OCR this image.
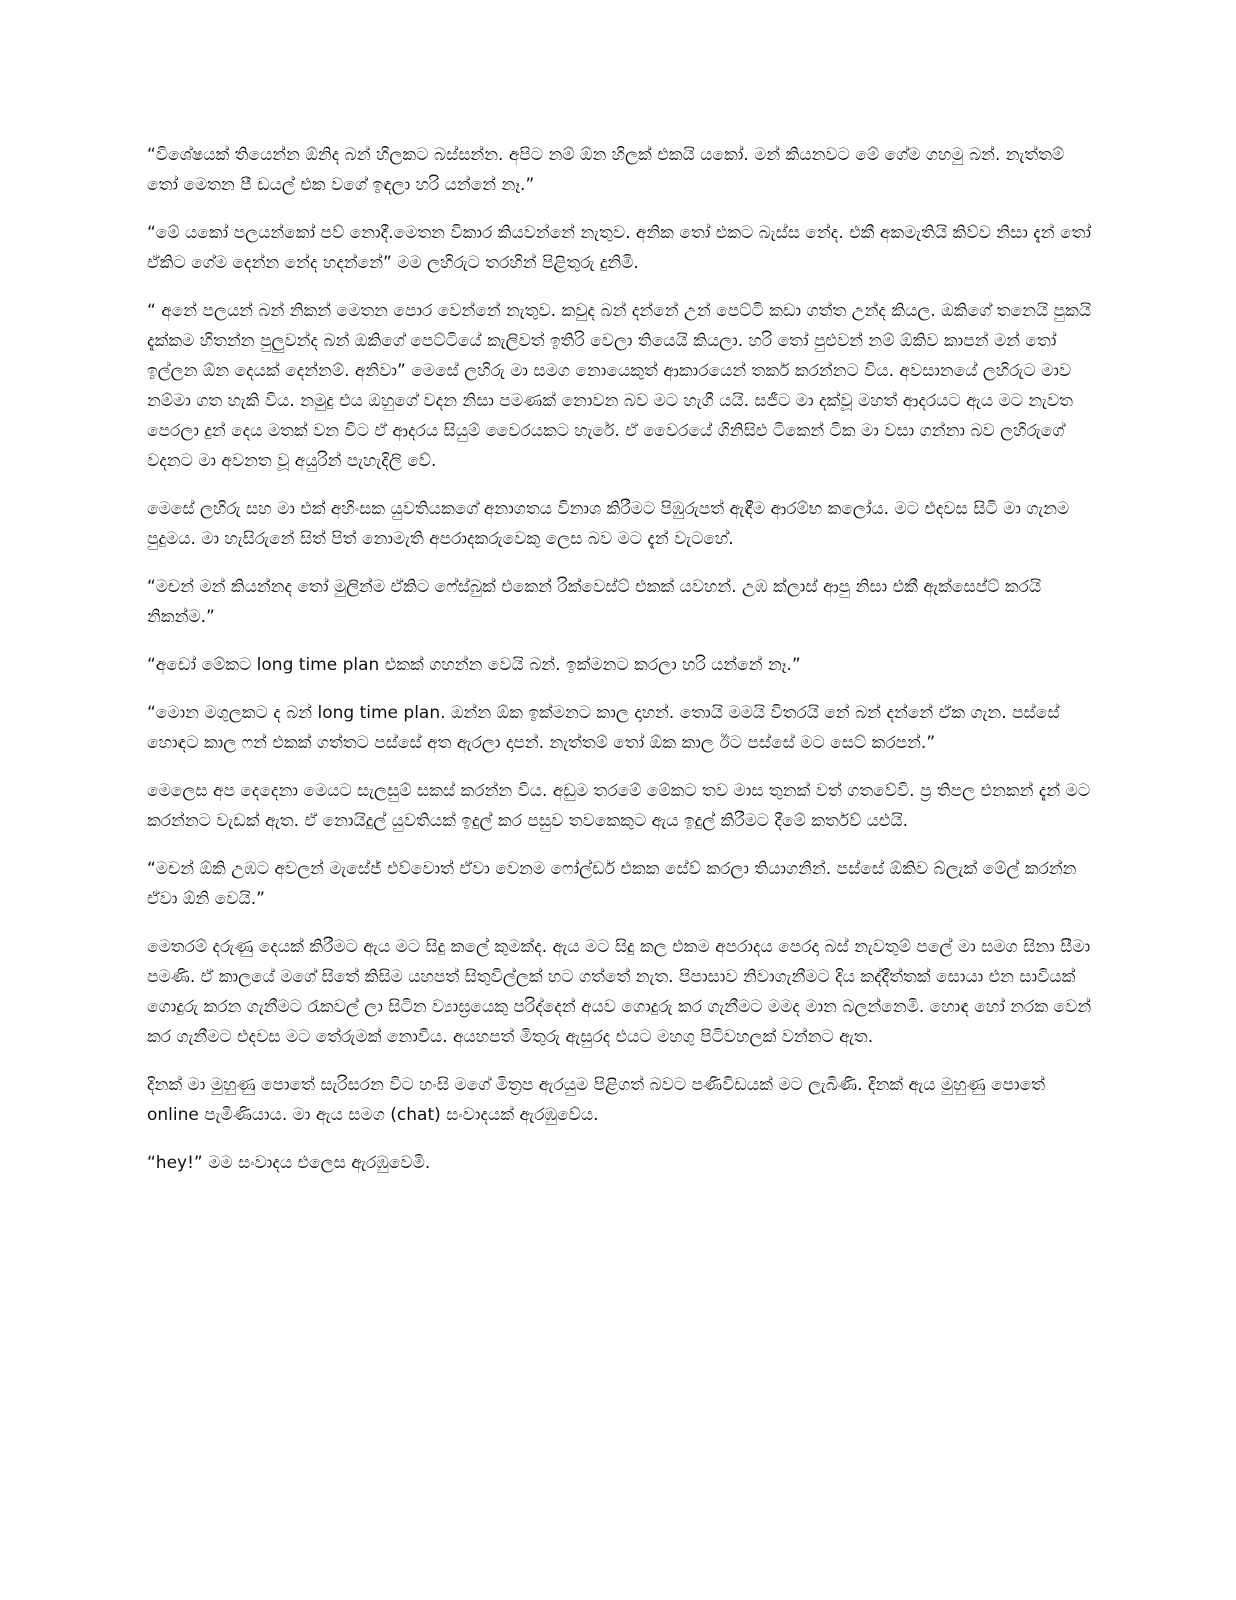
“විශේෂයක් තියෙන්න ඕනිද බන් හිලකට බස්සන්න. අපිට නම් ඕන හිලක් එකයි යකෝ. මන් කියනවට මේ ගේම ගහමු බන්. නැත්තම් තෝ මෙතන පී ඩයල් එක වගේ ඉඳලා හරි යන්නේ නෑ.”

“මේ යකෝ පලයන්කෝ පව් නොදී.මෙතන විකාර කියවන්නේ නැතුව. අනික තෝ එකට බැස්ස නේද. එකී අකමැතියි කිව්ව නිසා දැන් තෝ ඒකිට ගේම දෙන්න නේද හදන්නේ” මම ලහිරුට තරහින් පිළිතුරු දුනිමි.

“ අනේ පලයන් බන් නිකන් මෙතන පොර වෙන්නේ නැතුව. කවුද බන් දන්නේ උන් පෙට්ටි කඩා ගත්ත උන්ද කියල. ඔකිගේ තනෙයි පුකයි දැක්කම හිතන්න පුලුවන්ද බන් ඔකිගේ පෙට්ටියේ කැලිවත් ඉතිරි වෙලා තියෙයි කියලා. හරි තෝ පුළුවන් නම් ඕකිව කාපන් මන් තෝ ඉල්ලන ඕන දෙයක් දෙන්නම්. අනිවා” මෙසේ ලහිරු මා සමග නොයෙකුත් ආකාරයෙන් තර්ක කරන්නට විය. අවසානයේ ලහිරුට මාව නම්මා ගත හැකි විය. නමුදු එය ඔහුගේ වදන නිසා පමණක් නොවන බව මට හැගී යයි. සජීට මා දක්වූ මහත් ආදරයට ඇය මට නැවත පෙරලා දුන් දෙය මතක් වන විට ඒ ආදරය සියුම් වෛරයකට හැරේ. ඒ වෛරයේ ගිනිසිළු ටිකෙන් ටික මා වසා ගන්නා බව ලහිරුගේ වදනට මා අවනත වූ අයුරින් පැහැදිලි වේ.

මෙසේ ලහිරු සහ මා එක් අහිංසක යුවතියකගේ අනාගතය විනාශ කිරීමට පිඹුරුපත් ඇඳීම ආරම්භ කලෝය. මට එදවස සිටි මා ගැනම පුදුමය. මා හැසිරුනේ සිත් පිත් නොමැති අපරාදකරුවෙකු ලෙස බව මට දැන් වැටහේ.

“මචන් මන් කියන්නද තෝ මුලින්ම ඒකිට ෆේස්බුක් එකෙන් රික්වෙස්ට් එකක් යවහන්. උඹ ක්ලාස් ආපු නිසා එකී ඇක්සෙප්ට් කරයි නිකන්ම.”

“අඩෝ මේකට long time plan එකක් ගහන්න වෙයි බන්. ඉක්මනට කරලා හරි යන්නේ නෑ.”

“මොන මගුලකට ද බන් long time plan. ඔන්න ඕක ඉක්මනට කාල දාහන්. තොයි මමයි විතරයි නේ බන් දන්නේ ඒක ගැන. පස්සේ හොඳට කාල ෆන් එකක් ගත්තට පස්සේ අත ඇරලා දාපන්. නැත්තම් තෝ ඕක කාල ඊට පස්සේ මට සෙට් කරපන්.”

මෙලෙස අප දෙදෙනා මෙයට සැලසුම් සකස් කරන්න විය. අඩුම තරමේ මේකට තව මාස තුනක් වත් ගතවේවි. ප්‍ර තිපල එනකන් දැන් මට කරන්නට වැඩක් ඇත. ඒ නොයිදුල් යුවතියක් ඉදුල් කර පසුව තවකෙකුට ඇය ඉදුල් කිරීමට දීමේ කර්තව්‍ යඑයි.

“මචන් ඕකි උඹට අවලන් මැසේජ් එව්වොත් ඒවා වෙනම ෆෝල්ඩර් එකක සේව් කරලා තියාගනින්. පස්සේ ඕකිව බ්ලැක් මේල් කරන්න ඒවා ඕනි වෙයි.”

මෙතරම් දරුණු දෙයක් කිරීමට ඇය මට සිදු කලේ කුමක්ද. ඇය මට සිදු කල එකම අපරාදය පෙරදා බස් නැවතුම් පලේ මා සමග සිනා සීමා පමණි. ඒ කාලයේ මගේ සිතේ කිසිම යහපත් සිතුවිල්ලක් හට ගත්තේ නැත. පිපාසාව නිවාගැනීමට දිය කද්දීත්තක් සොයා එන සාවියක් ගොදුරු කරන ගැනීමට රැකවල් ලා සිටින ව්‍යාඝ්‍රයෙකු පරිද්දෙන් අයව ගොදුරු කර ගැනීමට මමද මාන බලන්නෙමි. හොඳ හෝ නරක වෙන් කර ගැනීමට එදවස මට තේරුමක් නොවීය. අයහපත් මිතුරු ඇසුරද එයට මහගු පිටිවහලක් වන්නට ඇත.

දිනක් මා මුහුණු පොතේ සැරිසරන විට හංසි මගේ මිත්‍රප ඇරයුම පිළිගත් බවට පණිවිඩයක් මට ලැබිණි. දිනක් ඇය මුහුණු පොතේ online පැමිණියාය. මා ඇය සමග (chat) සංවාදයක් ඇරඹුවේය.

“hey!” මම සංවාදය එලෙස ඇරඹුවෙමි.
